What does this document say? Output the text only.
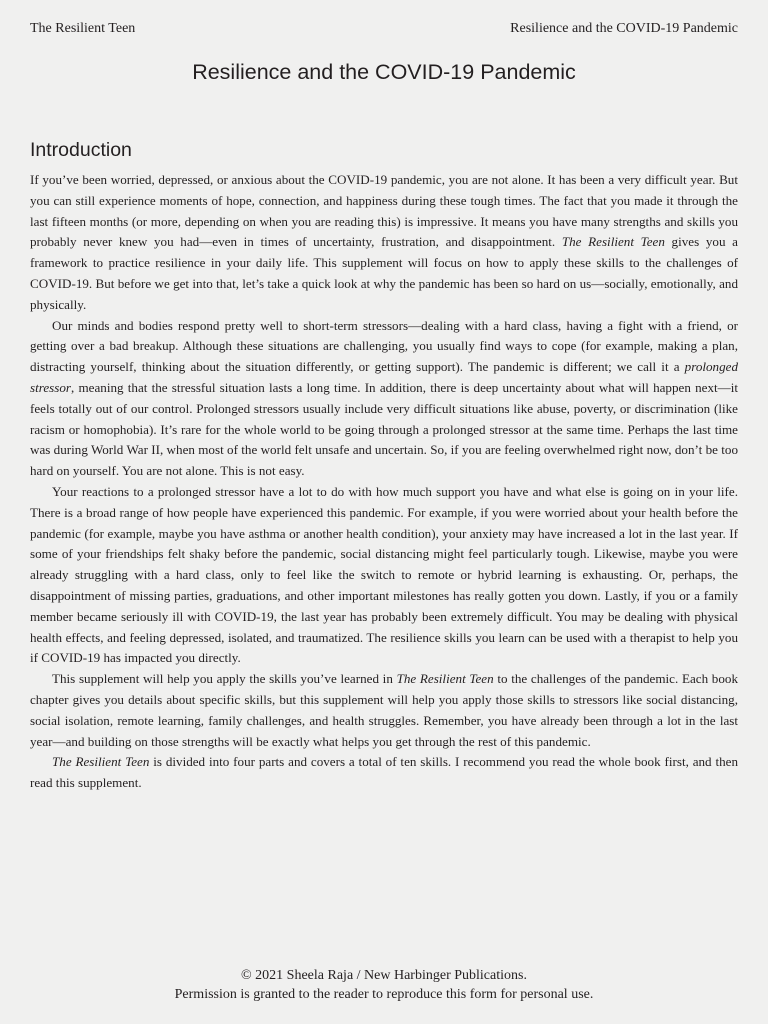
The Resilient Teen	Resilience and the COVID-19 Pandemic
Resilience and the COVID-19 Pandemic
Introduction

If you’ve been worried, depressed, or anxious about the COVID-19 pandemic, you are not alone. It has been a very difficult year. But you can still experience moments of hope, connection, and happiness during these tough times. The fact that you made it through the last fifteen months (or more, depending on when you are reading this) is impressive. It means you have many strengths and skills you probably never knew you had—even in times of uncertainty, frustration, and disappointment. The Resilient Teen gives you a framework to practice resilience in your daily life. This supplement will focus on how to apply these skills to the challenges of COVID-19. But before we get into that, let’s take a quick look at why the pandemic has been so hard on us—socially, emotionally, and physically.

Our minds and bodies respond pretty well to short-term stressors—dealing with a hard class, having a fight with a friend, or getting over a bad breakup. Although these situations are challenging, you usually find ways to cope (for example, making a plan, distracting yourself, thinking about the situation differently, or getting support). The pandemic is different; we call it a prolonged stressor, meaning that the stressful situation lasts a long time. In addition, there is deep uncertainty about what will happen next—it feels totally out of our control. Prolonged stressors usually include very difficult situations like abuse, poverty, or discrimination (like racism or homophobia). It’s rare for the whole world to be going through a prolonged stressor at the same time. Perhaps the last time was during World War II, when most of the world felt unsafe and uncertain. So, if you are feeling overwhelmed right now, don’t be too hard on yourself. You are not alone. This is not easy.

Your reactions to a prolonged stressor have a lot to do with how much support you have and what else is going on in your life. There is a broad range of how people have experienced this pandemic. For example, if you were worried about your health before the pandemic (for example, maybe you have asthma or another health condition), your anxiety may have increased a lot in the last year. If some of your friendships felt shaky before the pandemic, social distancing might feel particularly tough. Likewise, maybe you were already struggling with a hard class, only to feel like the switch to remote or hybrid learning is exhausting. Or, perhaps, the disappointment of missing parties, graduations, and other important milestones has really gotten you down. Lastly, if you or a family member became seriously ill with COVID-19, the last year has probably been extremely difficult. You may be dealing with physical health effects, and feeling depressed, isolated, and traumatized. The resilience skills you learn can be used with a therapist to help you if COVID-19 has impacted you directly.

This supplement will help you apply the skills you’ve learned in The Resilient Teen to the challenges of the pandemic. Each book chapter gives you details about specific skills, but this supplement will help you apply those skills to stressors like social distancing, social isolation, remote learning, family challenges, and health struggles. Remember, you have already been through a lot in the last year—and building on those strengths will be exactly what helps you get through the rest of this pandemic.

The Resilient Teen is divided into four parts and covers a total of ten skills. I recommend you read the whole book first, and then read this supplement.

© 2021 Sheela Raja / New Harbinger Publications.
Permission is granted to the reader to reproduce this form for personal use.
